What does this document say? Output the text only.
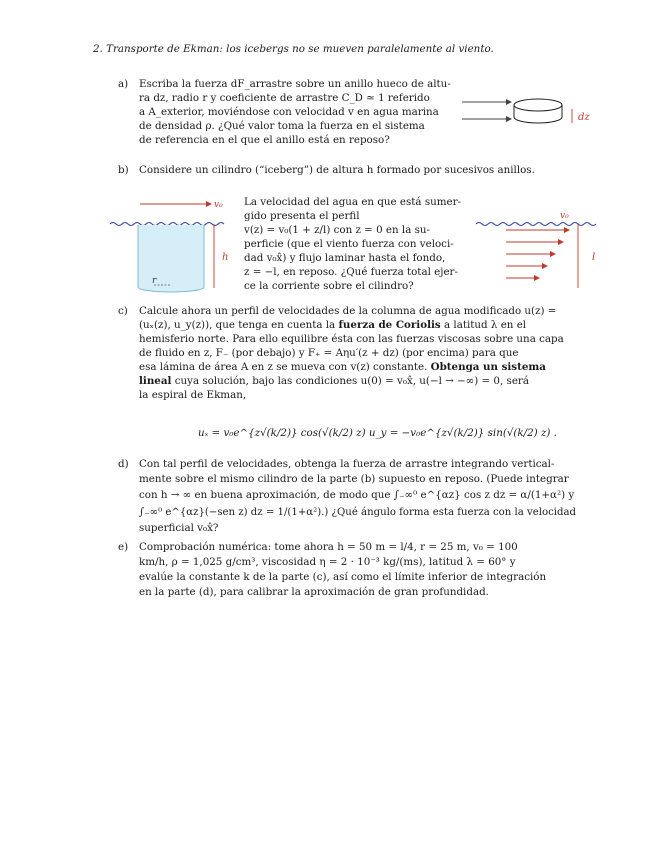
2. Transporte de Ekman: los icebergs no se mueven paralelamente al viento.
a) Escriba la fuerza dF_arrastre sobre un anillo hueco de altu-
ra dz, radio r y coeficiente de arrastre C_D ≃ 1 referido
a A_exterior, moviéndose con velocidad v en agua marina
de densidad ρ. ¿Qué valor toma la fuerza en el sistema
de referencia en el que el anillo está en reposo?
dz
b) Considere un cilindro (“iceberg”) de altura h formado por sucesivos anillos.
v₀
r
h
La velocidad del agua en que está sumer-
gido presenta el perfil
v(z) = v₀(1 + z/l) con z = 0 en la su-
perficie (que el viento fuerza con veloci-
dad v₀x̂) y flujo laminar hasta el fondo,
z = −l, en reposo. ¿Qué fuerza total ejer-
ce la corriente sobre el cilindro?
v₀
l
c) Calcule ahora un perfil de velocidades de la columna de agua modificado u(z) =
(uₓ(z), u_y(z)), que tenga en cuenta la fuerza de Coriolis a latitud λ en el
hemisferio norte. Para ello equilibre ésta con las fuerzas viscosas sobre una capa
de fluido en z, F₋ (por debajo) y F₊ = Aηu′(z + dz) (por encima) para que
esa lámina de área A en z se mueva con v(z) constante. Obtenga un sistema
lineal cuya solución, bajo las condiciones u(0) = v₀x̂, u(−l → −∞) = 0, será
la espiral de Ekman,
uₓ = v₀e^{z√(k/2)} cos(√(k/2) z) u_y = −v₀e^{z√(k/2)} sin(√(k/2) z) .
d) Con tal perfil de velocidades, obtenga la fuerza de arrastre integrando vertical-
mente sobre el mismo cilindro de la parte (b) supuesto en reposo. (Puede integrar
con h → ∞ en buena aproximación, de modo que ∫₋∞⁰ e^{αz} cos z dz = α/(1+α²) y
∫₋∞⁰ e^{αz}(−sen z) dz = 1/(1+α²).) ¿Qué ángulo forma esta fuerza con la velocidad
superficial v₀x̂?
e) Comprobación numérica: tome ahora h = 50 m = l/4, r = 25 m, v₀ = 100
km/h, ρ = 1,025 g/cm³, viscosidad η = 2 · 10⁻³ kg/(ms), latitud λ = 60° y
evalúe la constante k de la parte (c), así como el límite inferior de integración
en la parte (d), para calibrar la aproximación de gran profundidad.
